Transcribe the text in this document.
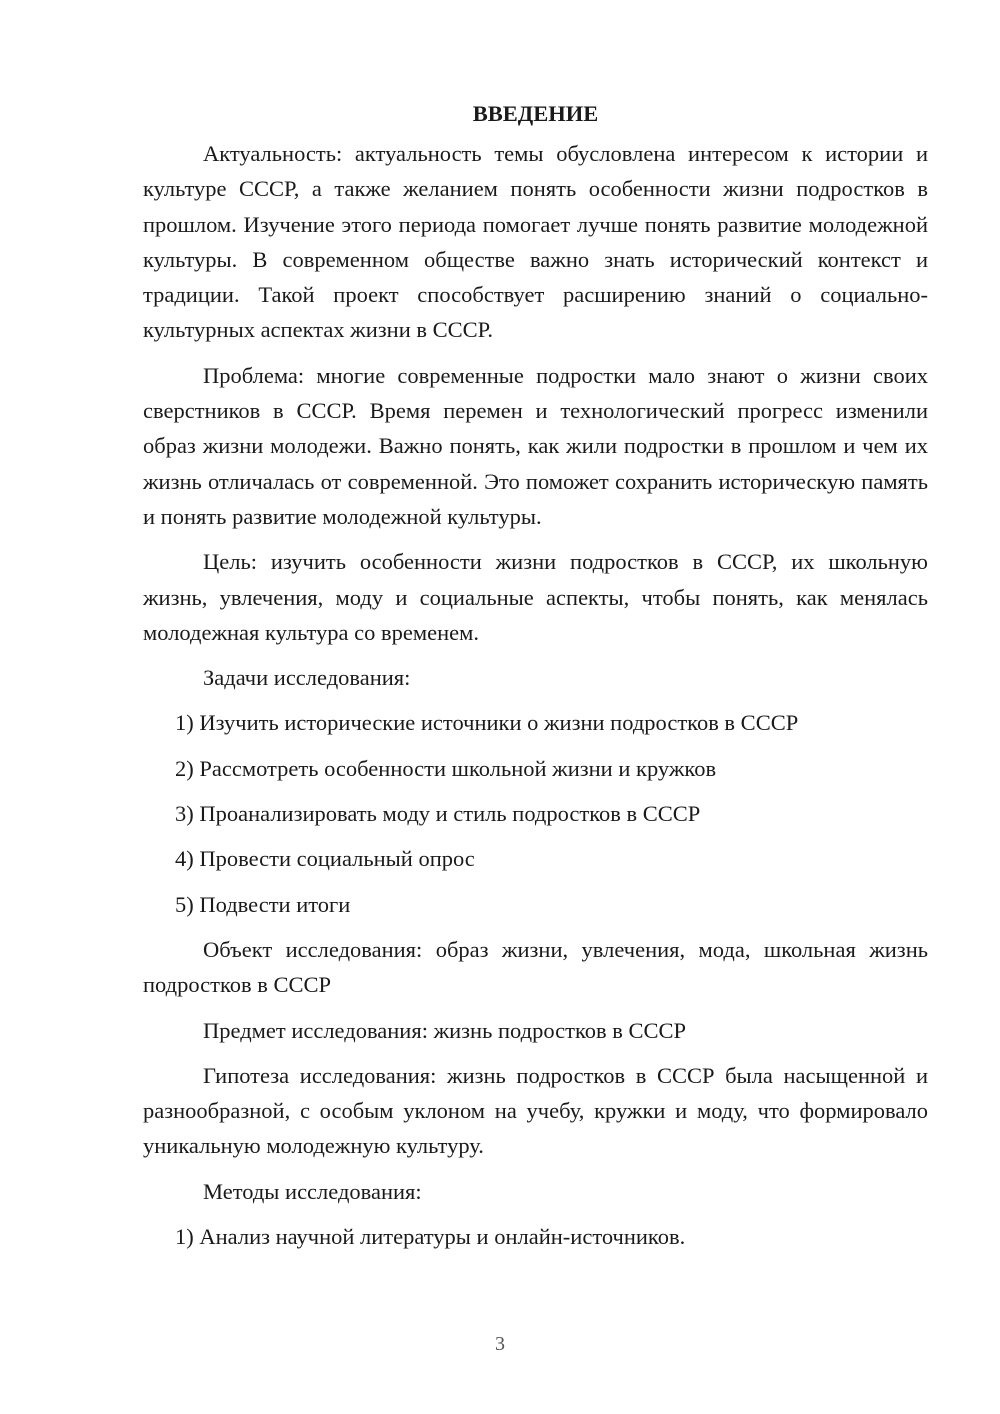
ВВЕДЕНИЕ

Актуальность: актуальность темы обусловлена интересом к истории и культуре СССР, а также желанием понять особенности жизни подростков в прошлом. Изучение этого периода помогает лучше понять развитие молодежной культуры. В современном обществе важно знать исторический контекст и традиции. Такой проект способствует расширению знаний о социально-культурных аспектах жизни в СССР.

Проблема: многие современные подростки мало знают о жизни своих сверстников в СССР. Время перемен и технологический прогресс изменили образ жизни молодежи. Важно понять, как жили подростки в прошлом и чем их жизнь отличалась от современной. Это поможет сохранить историческую память и понять развитие молодежной культуры.

Цель: изучить особенности жизни подростков в СССР, их школьную жизнь, увлечения, моду и социальные аспекты, чтобы понять, как менялась молодежная культура со временем.

Задачи исследования:

1) Изучить исторические источники о жизни подростков в СССР
2) Рассмотреть особенности школьной жизни и кружков
3) Проанализировать моду и стиль подростков в СССР
4) Провести социальный опрос
5) Подвести итоги

Объект исследования: образ жизни, увлечения, мода, школьная жизнь подростков в СССР

Предмет исследования: жизнь подростков в СССР

Гипотеза исследования: жизнь подростков в СССР была насыщенной и разнообразной, с особым уклоном на учебу, кружки и моду, что формировало уникальную молодежную культуру.

Методы исследования:

1) Анализ научной литературы и онлайн-источников.
3
